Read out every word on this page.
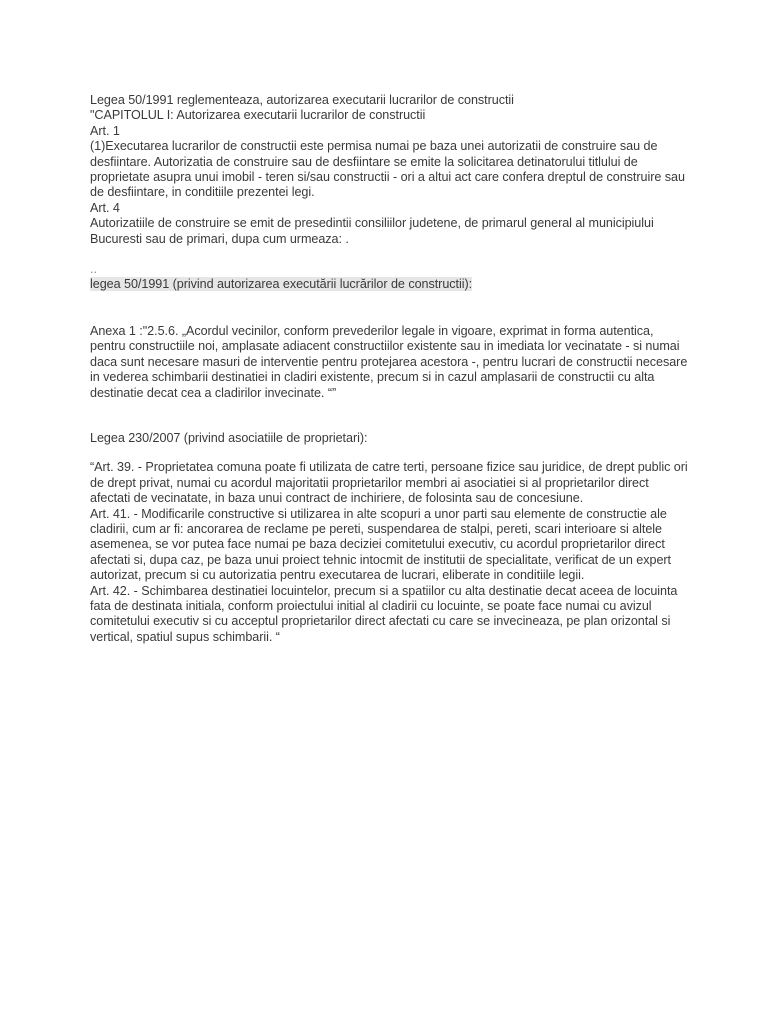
Legea 50/1991 reglementeaza, autorizarea executarii lucrarilor de constructii

"CAPITOLUL I: Autorizarea executarii lucrarilor de constructii

Art. 1

(1)Executarea lucrarilor de constructii este permisa numai pe baza unei autorizatii de construire sau de desfiintare. Autorizatia de construire sau de desfiintare se emite la solicitarea detinatorului titlului de proprietate asupra unui imobil - teren si/sau constructii - ori a altui act care confera dreptul de construire sau de desfiintare, in conditiile prezentei legi.

Art. 4

Autorizatiile de construire se emit de presedintii consiliilor judetene, de primarul general al municipiului Bucuresti sau de primari, dupa cum urmeaza: .

..

legea 50/1991 (privind autorizarea executării lucrărilor de constructii):

Anexa 1 :"2.5.6. „Acordul vecinilor, conform prevederilor legale in vigoare, exprimat in forma autentica, pentru constructiile noi, amplasate adiacent constructiilor existente sau in imediata lor vecinatate - si numai daca sunt necesare masuri de interventie pentru protejarea acestora -, pentru lucrari de constructii necesare in vederea schimbarii destinatiei in cladiri existente, precum si in cazul amplasarii de constructii cu alta destinatie decat cea a cladirilor invecinate. “”

Legea 230/2007 (privind asociatiile de proprietari):

“Art. 39. - Proprietatea comuna poate fi utilizata de catre terti, persoane fizice sau juridice, de drept public ori de drept privat, numai cu acordul majoritatii proprietarilor membri ai asociatiei si al proprietarilor direct afectati de vecinatate, in baza unui contract de inchiriere, de folosinta sau de concesiune.

Art. 41. - Modificarile constructive si utilizarea in alte scopuri a unor parti sau elemente de constructie ale cladirii, cum ar fi: ancorarea de reclame pe pereti, suspendarea de stalpi, pereti, scari interioare si altele asemenea, se vor putea face numai pe baza deciziei comitetului executiv, cu acordul proprietarilor direct afectati si, dupa caz, pe baza unui proiect tehnic intocmit de institutii de specialitate, verificat de un expert autorizat, precum si cu autorizatia pentru executarea de lucrari, eliberate in conditiile legii.

Art. 42. - Schimbarea destinatiei locuintelor, precum si a spatiilor cu alta destinatie decat aceea de locuinta fata de destinata initiala, conform proiectului initial al cladirii cu locuinte, se poate face numai cu avizul comitetului executiv si cu acceptul proprietarilor direct afectati cu care se invecineaza, pe plan orizontal si vertical, spatiul supus schimbarii. “
